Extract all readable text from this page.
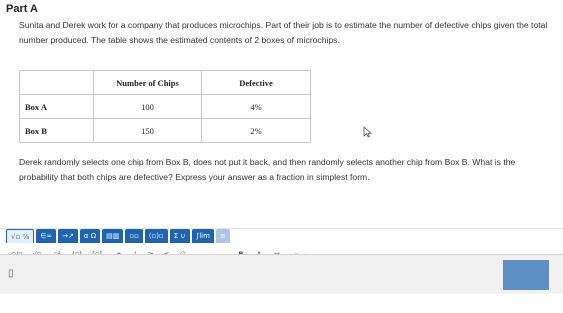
Part A
Sunita and Derek work for a company that produces microchips. Part of their job is to estimate the number of defective chips given the total number produced. The table shows the estimated contents of 2 boxes of microchips.
	Number of Chips	Defective
Box A	100	4%
Box B	150	2%
Derek randomly selects one chip from Box B, does not put it back, and then randomly selects another chip from Box B. What is the probability that both chips are defective? Express your answer as a fraction in simplest form.
√▫ ⅞	∈∞	→↗	α Ω	▤▥	▫▫	(▫)▫	Σ ∪	∫lim	≡
▯
